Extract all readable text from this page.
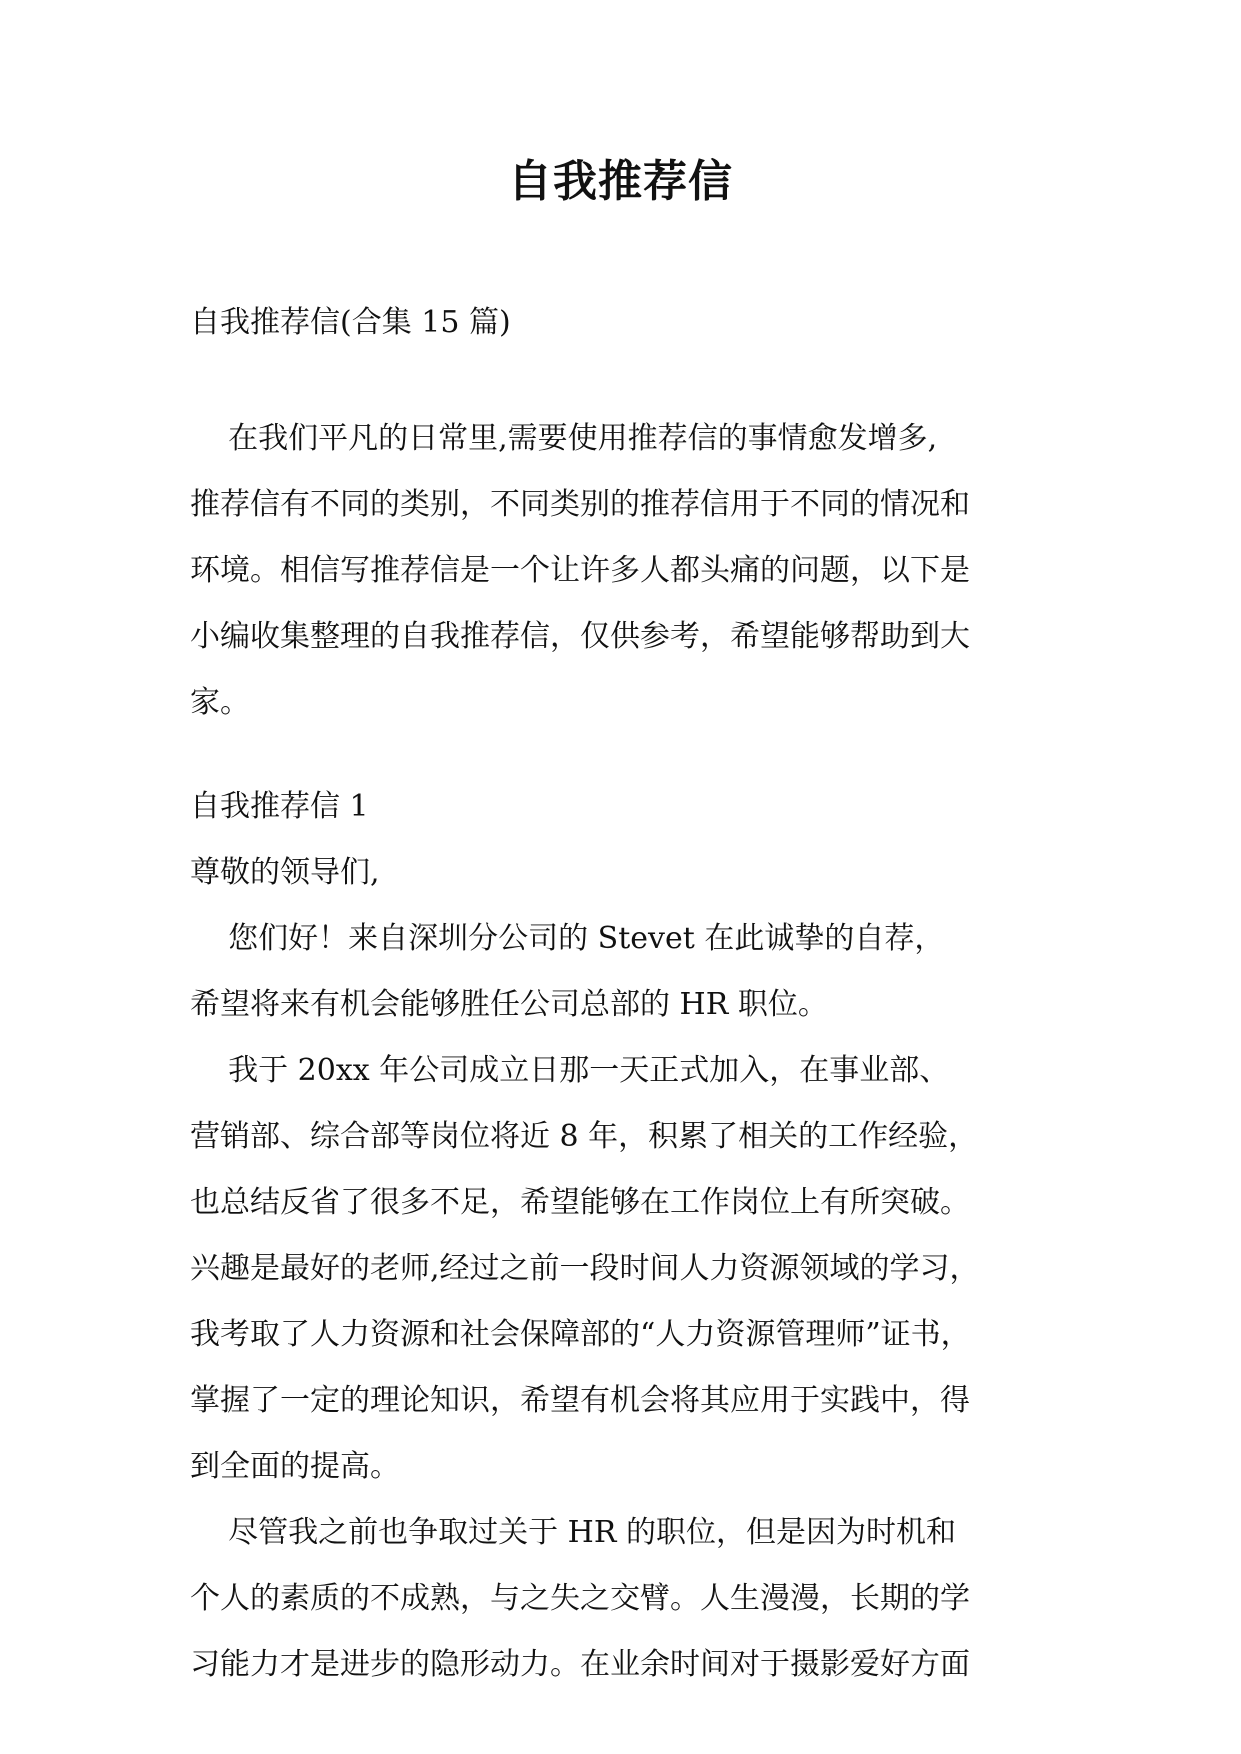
自我推荐信

自我推荐信(合集 15 篇)

在我们平凡的日常里,需要使用推荐信的事情愈发增多,

推荐信有不同的类别，不同类别的推荐信用于不同的情况和

环境。相信写推荐信是一个让许多人都头痛的问题，以下是

小编收集整理的自我推荐信，仅供参考，希望能够帮助到大

家。

自我推荐信 1

尊敬的领导们,

您们好！来自深圳分公司的 Stevet 在此诚挚的自荐，

希望将来有机会能够胜任公司总部的 HR 职位。

我于 20xx 年公司成立日那一天正式加入，在事业部、

营销部、综合部等岗位将近 8 年，积累了相关的工作经验，

也总结反省了很多不足，希望能够在工作岗位上有所突破。

兴趣是最好的老师,经过之前一段时间人力资源领域的学习，

我考取了人力资源和社会保障部的“人力资源管理师”证书，

掌握了一定的理论知识，希望有机会将其应用于实践中，得

到全面的提高。

尽管我之前也争取过关于 HR 的职位，但是因为时机和

个人的素质的不成熟，与之失之交臂。人生漫漫，长期的学

习能力才是进步的隐形动力。在业余时间对于摄影爱好方面
